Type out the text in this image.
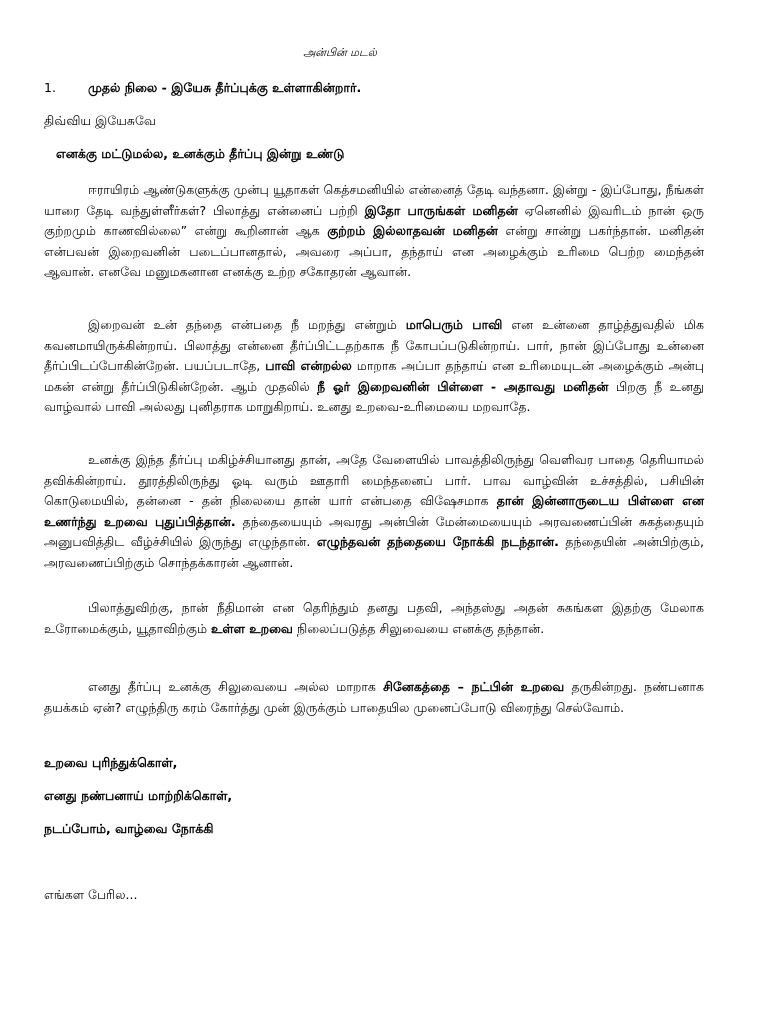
அன்பின் மடல்
1.	முதல் நிலை - இயேசு தீர்ப்புக்கு உள்ளாகின்றார்.
திவ்விய இயேசுவே
எனக்கு மட்டுமல்ல, உனக்கும் தீர்ப்பு இன்று உண்டு

ஈராயிரம் ஆண்டுகளுக்கு முன்பு யூதாகள் கெத்சமனியில் என்னைத் தேடி வந்தனா. இன்று - இப்போது, நீங்கள் யாரை தேடி வந்துள்ளீர்கள்? பிலாத்து என்னைப் பற்றி இதோ பாருங்கள் மனிதன் ஏனெனில் இவரிடம் நான் ஒரு குற்றமும் காணவில்லை” என்று கூறினான் ஆக குற்றம் இல்லாதவன் மனிதன் என்று சான்று பகர்ந்தான். மனிதன் என்பவன் இறைவனின் படைப்பானதால், அவரை அப்பா, தந்தாய் என அழைக்கும் உரிமை பெற்ற மைந்தன் ஆவான். எனவே மனுமகனான எனக்கு உற்ற சகோதரன் ஆவான்.

இறைவன் உன் தந்தை என்பதை நீ மறந்து என்றும் மாபெரும் பாவி என உன்னை தாழ்த்துவதில் மிக கவனமாயிருக்கின்றாய். பிலாத்து என்னை தீர்ப்பிட்டதற்காக நீ கோபப்படுகின்றாய். பார், நான் இப்போது உன்னை தீர்ப்பிடப்போகின்றேன். பயப்படாதே, பாவி என்றல்ல மாறாக அப்பா தந்தாய் என உரிமையுடன் அழைக்கும் அன்பு மகன் என்று தீர்ப்பிடுகின்றேன். ஆம் முதலில் நீ ஓர் இறைவனின் பிள்ளை - அதாவது மனிதன் பிறகு நீ உனது வாழ்வால் பாவி அல்லது புனிதராக மாறுகிறாய். உனது உறவை-உரிமையை மறவாதே.

உனக்கு இந்த தீர்ப்பு மகிழ்ச்சியானது தான், அதே வேளையில் பாவத்திலிருந்து வெளிவர பாதை தெரியாமல் தவிக்கின்றாய். தூரத்திலிருந்து ஓடி வரும் ஊதாரி மைந்தனைப் பார். பாவ வாழ்வின் உச்சத்தில், பசியின் கொடுமையில், தன்னை - தன் நிலையை தான் யார் என்பதை விஷேசமாக தான் இன்னாருடைய பிள்ளை என உணர்ந்து உறவை புதுப்பித்தான். தந்தையையும் அவரது அன்பின் மேன்மையையும் அரவணைப்பின் சுகத்தையும் அனுபவித்திட வீழ்ச்சியில் இருந்து எழுந்தான். எழுந்தவன் தந்தையை நோக்கி நடந்தான். தந்தையின் அன்பிற்கும், அரவணைப்பிற்கும் சொந்தக்காரன் ஆனான்.

பிலாத்துவிற்கு, நான் நீதிமான் என தெரிந்தும் தனது பதவி, அந்தஸ்து அதன் சுகங்கள இதற்கு மேலாக உரோமைக்கும், யூதாவிற்கும் உள்ள உறவை நிலைப்படுத்த சிலுவையை எனக்கு தந்தான்.

எனது தீர்ப்பு உனக்கு சிலுவையை அல்ல மாறாக சினேகத்தை – நட்பின் உறவை தருகின்றது. நண்பனாக தயக்கம் ஏன்? எழுந்திரு கரம் கோர்த்து முன் இருக்கும் பாதையில முனைப்போடு விரைந்து செல்வோம்.

உறவை புரிந்துக்கொள்,
எனது நண்பனாய் மாற்றிக்கொள்,
நடப்போம், வாழ்வை நோக்கி
எங்கள பேரில...
